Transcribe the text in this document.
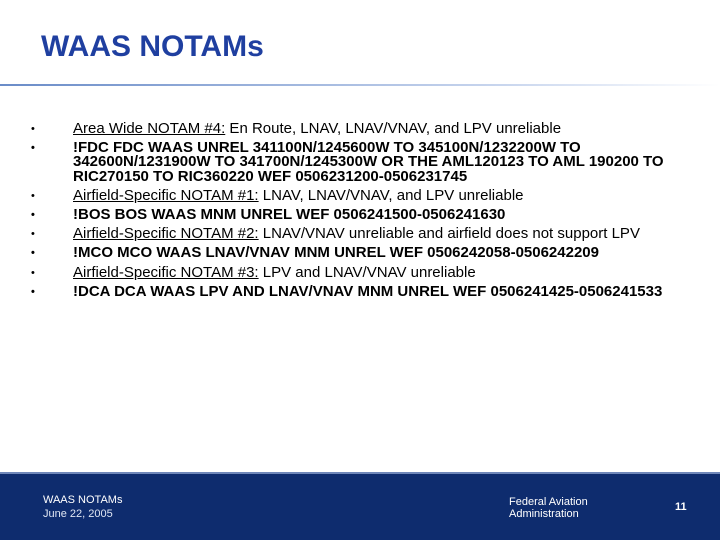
WAAS NOTAMs
•	Area Wide NOTAM #4: En Route, LNAV, LNAV/VNAV, and LPV unreliable
•	!FDC FDC WAAS UNREL 341100N/1245600W TO 345100N/1232200W TO 342600N/1231900W TO 341700N/1245300W OR THE AML120123 TO AML 190200 TO RIC270150 TO RIC360220 WEF 0506231200-0506231745
•	Airfield-Specific NOTAM #1: LNAV, LNAV/VNAV, and LPV unreliable
•	!BOS BOS WAAS MNM UNREL WEF 0506241500-0506241630
•	Airfield-Specific NOTAM #2: LNAV/VNAV unreliable and airfield does not support LPV
•	!MCO MCO WAAS LNAV/VNAV MNM UNREL WEF 0506242058-0506242209
•	Airfield-Specific NOTAM #3: LPV and LNAV/VNAV unreliable
•	!DCA DCA WAAS LPV AND LNAV/VNAV MNM UNREL WEF 0506241425-0506241533
WAAS NOTAMs
June 22, 2005
Federal Aviation
Administration
11
